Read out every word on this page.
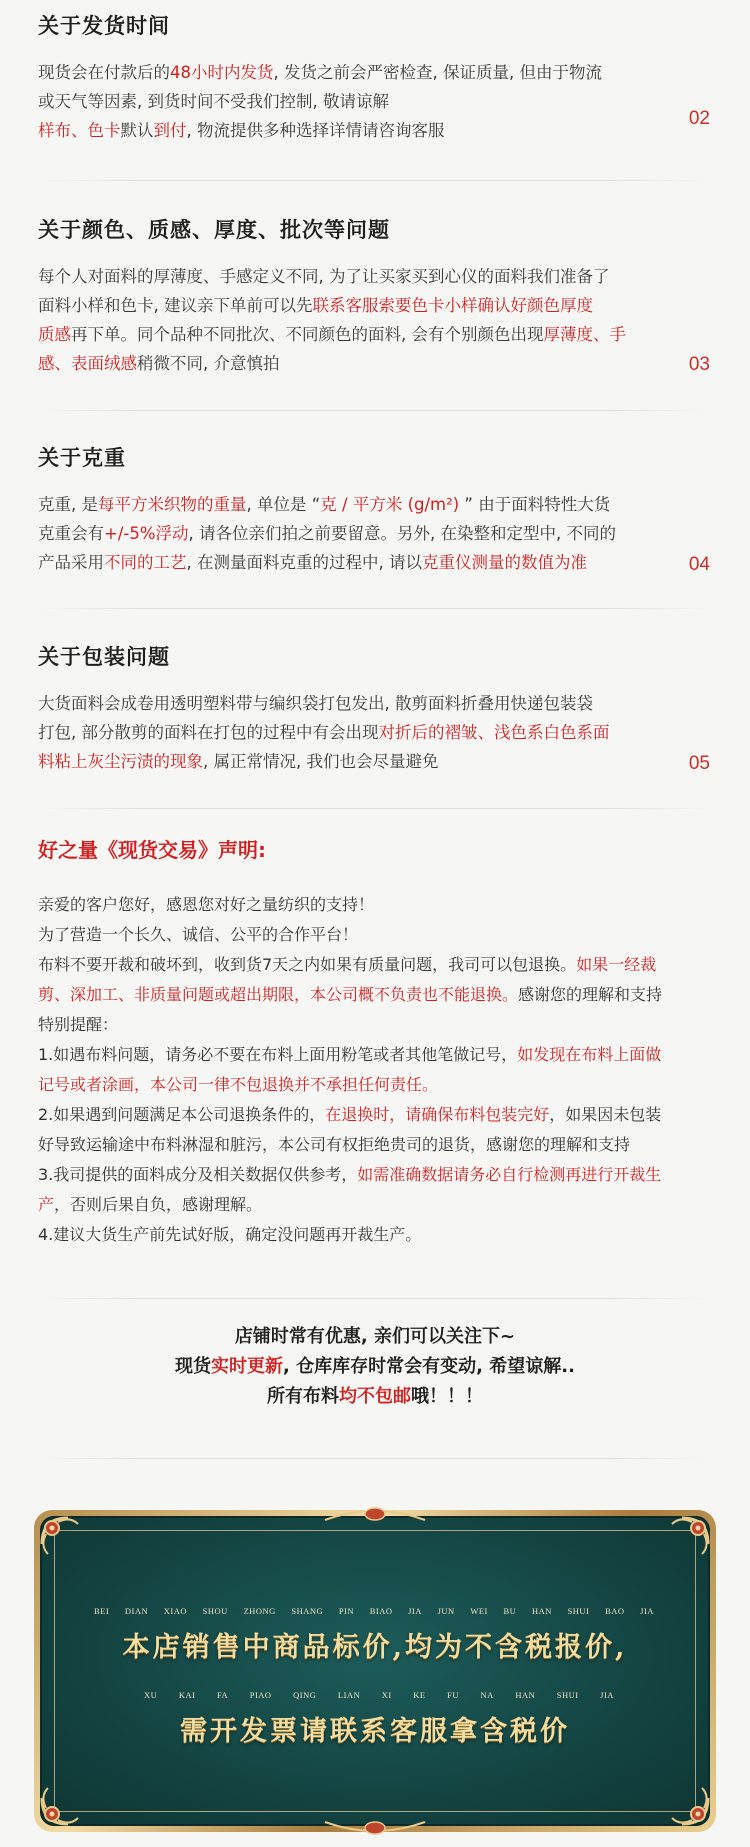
关于发货时间
现货会在付款后的48小时内发货, 发货之前会严密检查, 保证质量, 但由于物流
或天气等因素, 到货时间不受我们控制, 敬请谅解
样布、色卡默认到付, 物流提供多种选择详情请咨询客服
02
关于颜色、质感、厚度、批次等问题
每个人对面料的厚薄度、手感定义不同, 为了让买家买到心仪的面料我们准备了
面料小样和色卡, 建议亲下单前可以先联系客服索要色卡小样确认好颜色厚度
质感再下单。同个品种不同批次、不同颜色的面料, 会有个别颜色出现厚薄度、手
感、表面绒感稍微不同, 介意慎拍	03
关于克重
克重, 是每平方米织物的重量, 单位是 “克 / 平方米 (g/m²) ” 由于面料特性大货
克重会有+/-5%浮动, 请各位亲们拍之前要留意。另外, 在染整和定型中, 不同的
产品采用不同的工艺, 在测量面料克重的过程中, 请以克重仪测量的数值为准	04
关于包装问题
大货面料会成卷用透明塑料带与编织袋打包发出, 散剪面料折叠用快递包装袋
打包, 部分散剪的面料在打包的过程中有会出现对折后的褶皱、浅色系白色系面
料粘上灰尘污渍的现象, 属正常情况, 我们也会尽量避免	05
好之量《现货交易》声明:
亲爱的客户您好，感恩您对好之量纺织的支持！
为了营造一个长久、诚信、公平的合作平台！
布料不要开裁和破坏到，收到货7天之内如果有质量问题，我司可以包退换。如果一经裁
剪、深加工、非质量问题或超出期限，本公司概不负责也不能退换。感谢您的理解和支持
特别提醒：
1.如遇布料问题，请务必不要在布料上面用粉笔或者其他笔做记号，如发现在布料上面做
记号或者涂画，本公司一律不包退换并不承担任何责任。
2.如果遇到问题满足本公司退换条件的，在退换时，请确保布料包装完好，如果因未包装
好导致运输途中布料淋湿和脏污，本公司有权拒绝贵司的退货，感谢您的理解和支持
3.我司提供的面料成分及相关数据仅供参考，如需准确数据请务必自行检测再进行开裁生
产，否则后果自负，感谢理解。
4.建议大货生产前先试好版，确定没问题再开裁生产。
店铺时常有优惠, 亲们可以关注下~
现货实时更新, 仓库库存时常会有变动, 希望谅解..
所有布料均不包邮哦！！！
BEI DIAN XIAO SHOU ZHONG SHANG PIN BIAO JIA JUN WEI BU HAN SHUI BAO JIA
本店销售中商品标价,均为不含税报价,
XU	KAI	FA	PIAO	QING	LIAN	XI	KE	FU	NA	HAN	SHUI	JIA
需开发票请联系客服拿含税价
